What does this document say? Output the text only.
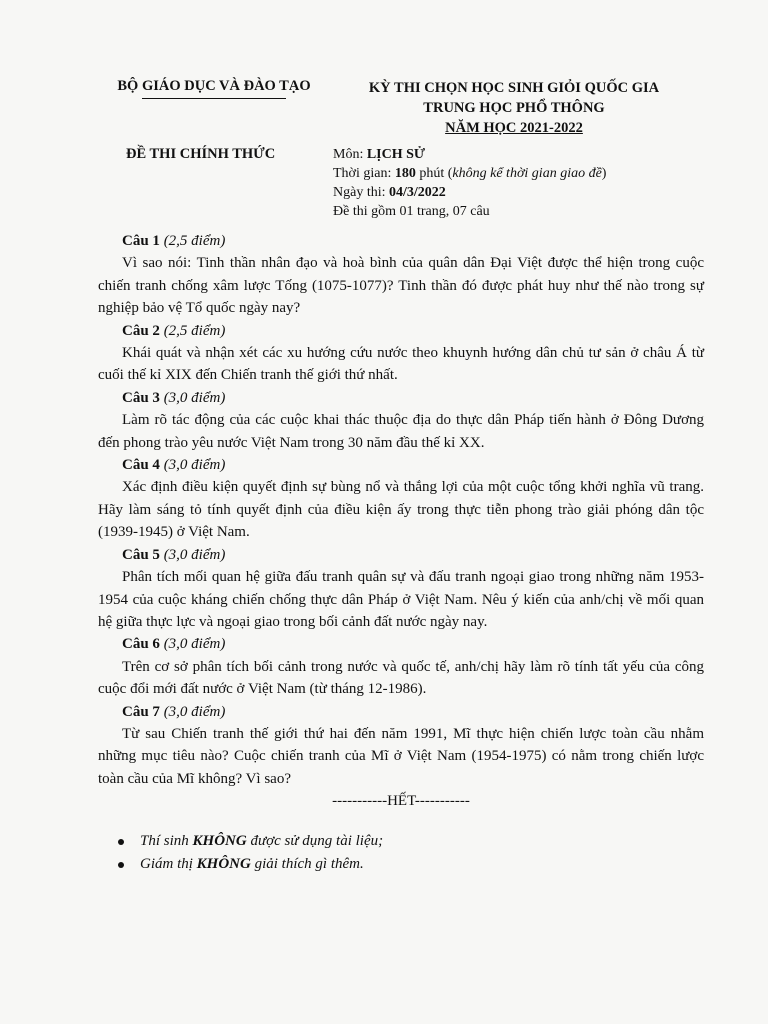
BỘ GIÁO DỤC VÀ ĐÀO TẠO
ĐỀ THI CHÍNH THỨC
KỲ THI CHỌN HỌC SINH GIỎI QUỐC GIA
TRUNG HỌC PHỔ THÔNG
NĂM HỌC 2021-2022
Môn: LỊCH SỬ
Thời gian: 180 phút (không kể thời gian giao đề)
Ngày thi: 04/3/2022
Đề thi gồm 01 trang, 07 câu

Câu 1 (2,5 điểm)

Vì sao nói: Tinh thần nhân đạo và hoà bình của quân dân Đại Việt được thể hiện trong cuộc chiến tranh chống xâm lược Tống (1075-1077)? Tinh thần đó được phát huy như thế nào trong sự nghiệp bảo vệ Tổ quốc ngày nay?

Câu 2 (2,5 điểm)

Khái quát và nhận xét các xu hướng cứu nước theo khuynh hướng dân chủ tư sản ở châu Á từ cuối thế kỉ XIX đến Chiến tranh thế giới thứ nhất.

Câu 3 (3,0 điểm)

Làm rõ tác động của các cuộc khai thác thuộc địa do thực dân Pháp tiến hành ở Đông Dương đến phong trào yêu nước Việt Nam trong 30 năm đầu thế kỉ XX.

Câu 4 (3,0 điểm)

Xác định điều kiện quyết định sự bùng nổ và thắng lợi của một cuộc tổng khởi nghĩa vũ trang. Hãy làm sáng tỏ tính quyết định của điều kiện ấy trong thực tiễn phong trào giải phóng dân tộc (1939-1945) ở Việt Nam.

Câu 5 (3,0 điểm)

Phân tích mối quan hệ giữa đấu tranh quân sự và đấu tranh ngoại giao trong những năm 1953-1954 của cuộc kháng chiến chống thực dân Pháp ở Việt Nam. Nêu ý kiến của anh/chị về mối quan hệ giữa thực lực và ngoại giao trong bối cảnh đất nước ngày nay.

Câu 6 (3,0 điểm)

Trên cơ sở phân tích bối cảnh trong nước và quốc tế, anh/chị hãy làm rõ tính tất yếu của công cuộc đổi mới đất nước ở Việt Nam (từ tháng 12-1986).

Câu 7 (3,0 điểm)

Từ sau Chiến tranh thế giới thứ hai đến năm 1991, Mĩ thực hiện chiến lược toàn cầu nhằm những mục tiêu nào? Cuộc chiến tranh của Mĩ ở Việt Nam (1954-1975) có nằm trong chiến lược toàn cầu của Mĩ không? Vì sao?

-----------HẾT-----------

Thí sinh KHÔNG được sử dụng tài liệu;
Giám thị KHÔNG giải thích gì thêm.
